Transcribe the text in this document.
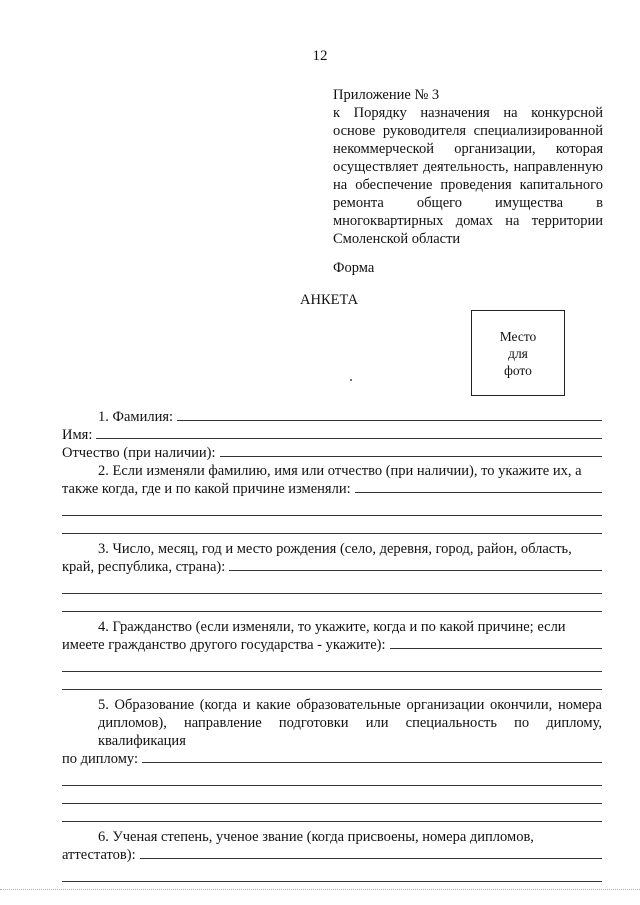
12
Приложение № 3
к Порядку назначения на конкурсной основе руководителя специализированной некоммерческой организации, которая осуществляет деятельность, направленную на обеспечение проведения капитального ремонта общего имущества в многоквартирных домах на территории Смоленской области
Форма
АНКЕТА
Место
для
фото
1. Фамилия:
Имя:
Отчество (при наличии):
2. Если изменяли фамилию, имя или отчество (при наличии), то укажите их, а
также когда, где и по какой причине изменяли:
3. Число, месяц, год и место рождения (село, деревня, город, район, область,
край, республика, страна):
4. Гражданство (если изменяли, то укажите, когда и по какой причине; если
имеете гражданство другого государства - укажите):
5. Образование (когда и какие образовательные организации окончили, номера дипломов), направление подготовки или специальность по диплому, квалификация
по диплому:
6. Ученая степень, ученое звание (когда присвоены, номера дипломов,
аттестатов):
